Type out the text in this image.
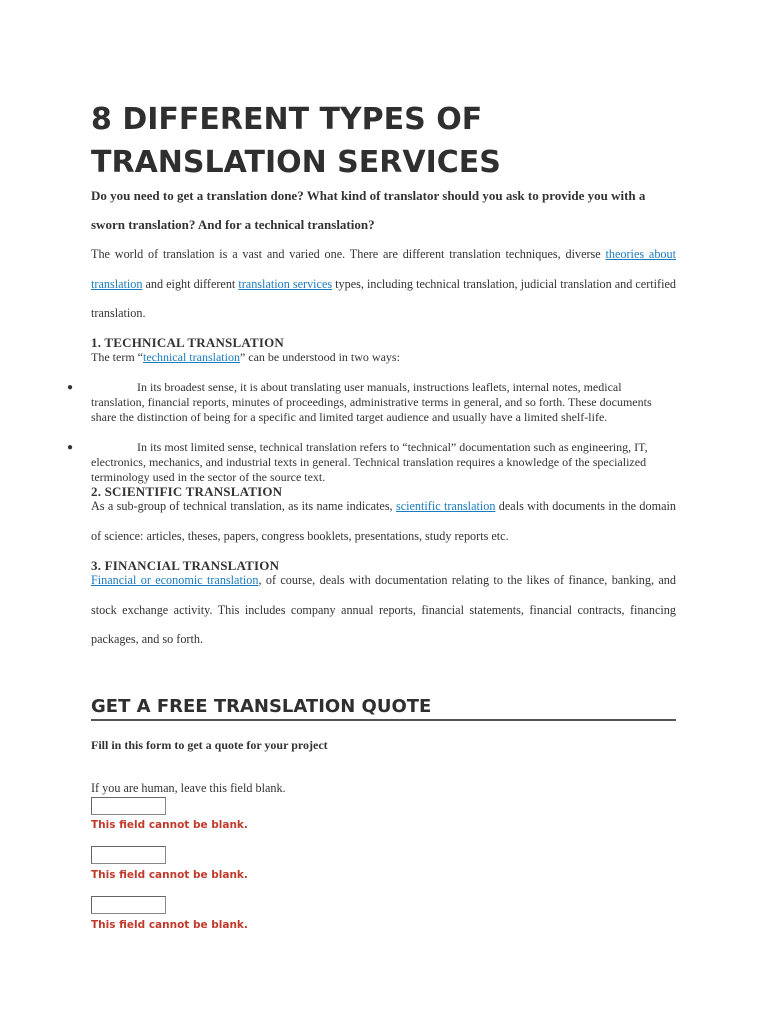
8 DIFFERENT TYPES OF TRANSLATION SERVICES

Do you need to get a translation done? What kind of translator should you ask to provide you with a sworn translation? And for a technical translation?

The world of translation is a vast and varied one. There are different translation techniques, diverse theories about translation and eight different translation services types, including technical translation, judicial translation and certified translation.

1. TECHNICAL TRANSLATION

The term “technical translation” can be understood in two ways:

●	In its broadest sense, it is about translating user manuals, instructions leaflets, internal notes, medical translation, financial reports, minutes of proceedings, administrative terms in general, and so forth. These documents share the distinction of being for a specific and limited target audience and usually have a limited shelf-life.
●	In its most limited sense, technical translation refers to “technical” documentation such as engineering, IT, electronics, mechanics, and industrial texts in general. Technical translation requires a knowledge of the specialized terminology used in the sector of the source text.
2. SCIENTIFIC TRANSLATION

As a sub-group of technical translation, as its name indicates, scientific translation deals with documents in the domain of science: articles, theses, papers, congress booklets, presentations, study reports etc.

3. FINANCIAL TRANSLATION

Financial or economic translation, of course, deals with documentation relating to the likes of finance, banking, and stock exchange activity. This includes company annual reports, financial statements, financial contracts, financing packages, and so forth.

GET A FREE TRANSLATION QUOTE

Fill in this form to get a quote for your project

If you are human, leave this field blank.

This field cannot be blank.

This field cannot be blank.

This field cannot be blank.
